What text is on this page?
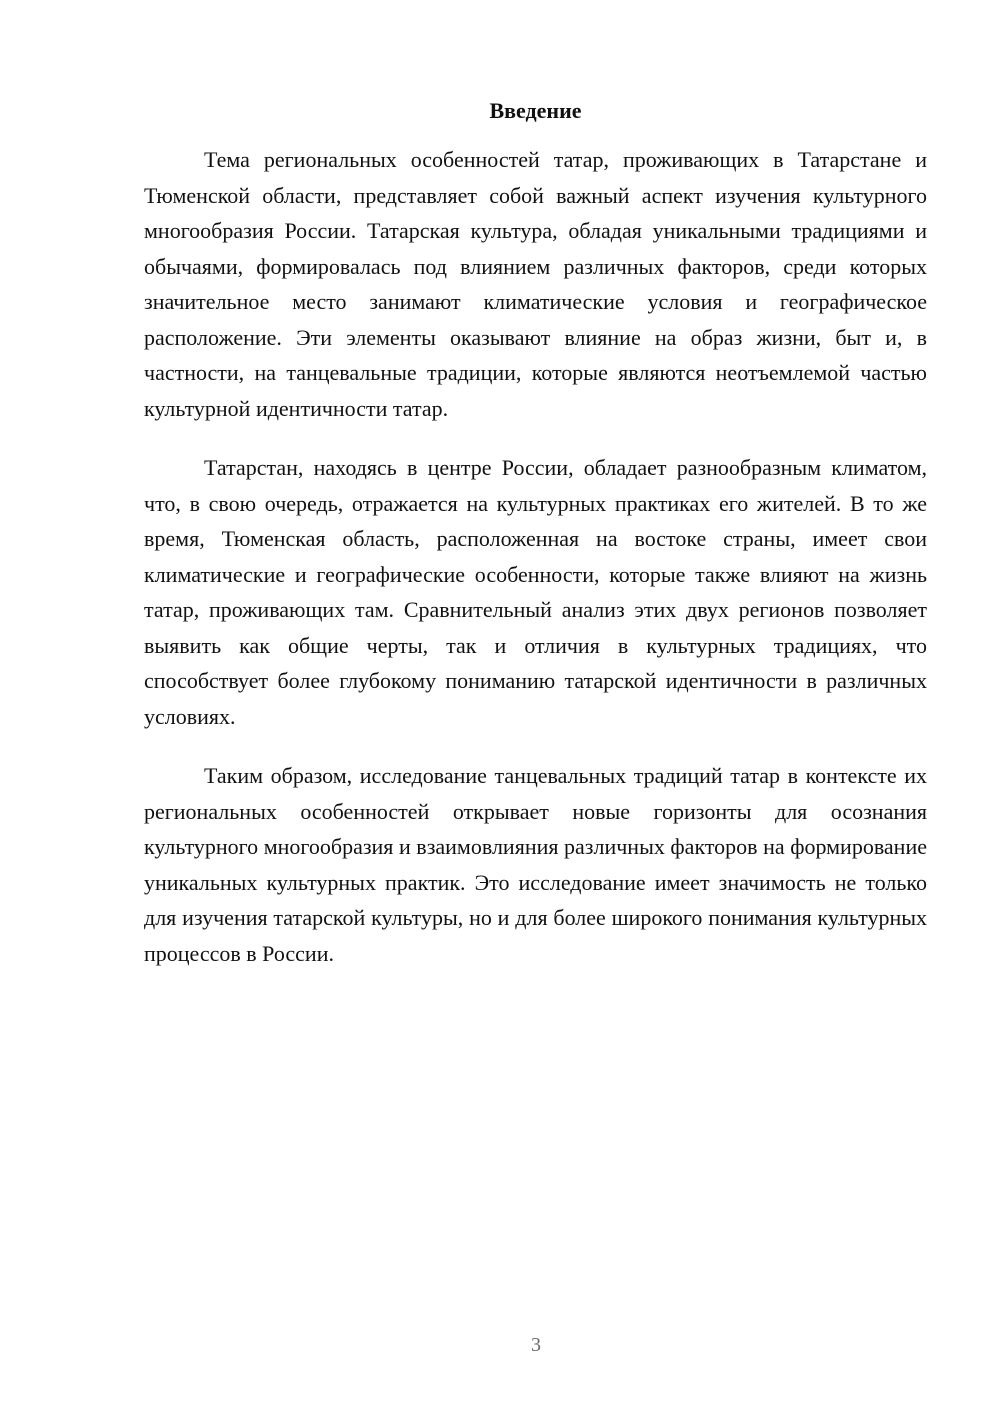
Введение

Тема региональных особенностей татар, проживающих в Татарстане и Тюменской области, представляет собой важный аспект изучения культурного многообразия России. Татарская культура, обладая уникальными традициями и обычаями, формировалась под влиянием различных факторов, среди которых значительное место занимают климатические условия и географическое расположение. Эти элементы оказывают влияние на образ жизни, быт и, в частности, на танцевальные традиции, которые являются неотъемлемой частью культурной идентичности татар.

Татарстан, находясь в центре России, обладает разнообразным климатом, что, в свою очередь, отражается на культурных практиках его жителей. В то же время, Тюменская область, расположенная на востоке страны, имеет свои климатические и географические особенности, которые также влияют на жизнь татар, проживающих там. Сравнительный анализ этих двух регионов позволяет выявить как общие черты, так и отличия в культурных традициях, что способствует более глубокому пониманию татарской идентичности в различных условиях.

Таким образом, исследование танцевальных традиций татар в контексте их региональных особенностей открывает новые горизонты для осознания культурного многообразия и взаимовлияния различных факторов на формирование уникальных культурных практик. Это исследование имеет значимость не только для изучения татарской культуры, но и для более широкого понимания культурных процессов в России.

3
